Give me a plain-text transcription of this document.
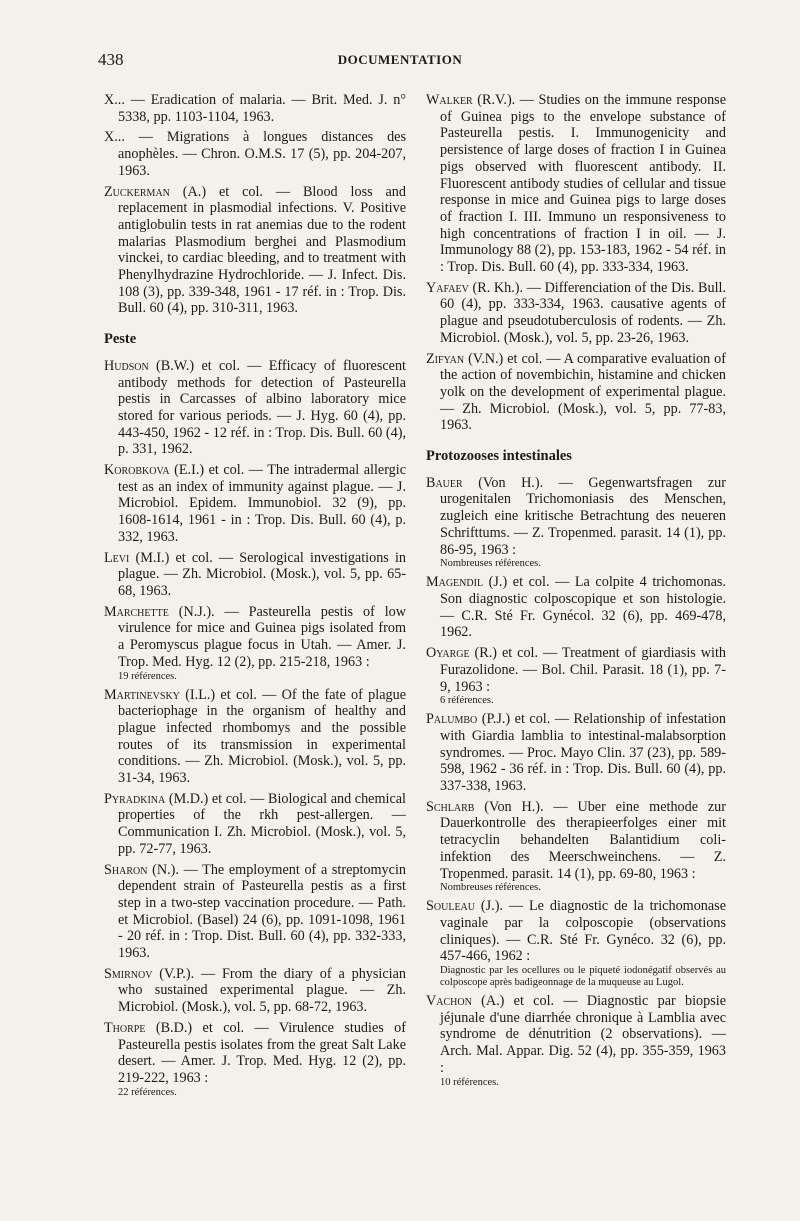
438	DOCUMENTATION

X... — Eradication of malaria. — Brit. Med. J. n° 5338, pp. 1103-1104, 1963.

X... — Migrations à longues distances des anophèles. — Chron. O.M.S. 17 (5), pp. 204-207, 1963.

Zuckerman (A.) et col. — Blood loss and replacement in plasmodial infections. V. Positive antiglobulin tests in rat anemias due to the rodent malarias Plasmodium berghei and Plasmodium vinckei, to cardiac bleeding, and to treatment with Phenylhydrazine Hydrochloride. — J. Infect. Dis. 108 (3), pp. 339-348, 1961 - 17 réf. in : Trop. Dis. Bull. 60 (4), pp. 310-311, 1963.

Peste

Hudson (B.W.) et col. — Efficacy of fluorescent antibody methods for detection of Pasteurella pestis in Carcasses of albino laboratory mice stored for various periods. — J. Hyg. 60 (4), pp. 443-450, 1962 - 12 réf. in : Trop. Dis. Bull. 60 (4), p. 331, 1962.

Korobkova (E.I.) et col. — The intradermal allergic test as an index of immunity against plague. — J. Microbiol. Epidem. Immunobiol. 32 (9), pp. 1608-1614, 1961 - in : Trop. Dis. Bull. 60 (4), p. 332, 1963.

Levi (M.I.) et col. — Serological investigations in plague. — Zh. Microbiol. (Mosk.), vol. 5, pp. 65-68, 1963.

Marchette (N.J.). — Pasteurella pestis of low virulence for mice and Guinea pigs isolated from a Peromyscus plague focus in Utah. — Amer. J. Trop. Med. Hyg. 12 (2), pp. 215-218, 1963 :
19 références.

Martinevsky (I.L.) et col. — Of the fate of plague bacteriophage in the organism of healthy and plague infected rhombomys and the possible routes of its transmission in experimental conditions. — Zh. Microbiol. (Mosk.), vol. 5, pp. 31-34, 1963.

Pyradkina (M.D.) et col. — Biological and chemical properties of the rkh pest-allergen. — Communication I. Zh. Microbiol. (Mosk.), vol. 5, pp. 72-77, 1963.

Sharon (N.). — The employment of a streptomycin dependent strain of Pasteurella pestis as a first step in a two-step vaccination procedure. — Path. et Microbiol. (Basel) 24 (6), pp. 1091-1098, 1961 - 20 réf. in : Trop. Dist. Bull. 60 (4), pp. 332-333, 1963.

Smirnov (V.P.). — From the diary of a physician who sustained experimental plague. — Zh. Microbiol. (Mosk.), vol. 5, pp. 68-72, 1963.

Thorpe (B.D.) et col. — Virulence studies of Pasteurella pestis isolates from the great Salt Lake desert. — Amer. J. Trop. Med. Hyg. 12 (2), pp. 219-222, 1963 :
22 références.

Walker (R.V.). — Studies on the immune response of Guinea pigs to the envelope substance of Pasteurella pestis. I. Immunogenicity and persistence of large doses of fraction I in Guinea pigs observed with fluorescent antibody. II. Fluorescent antibody studies of cellular and tissue response in mice and Guinea pigs to large doses of fraction I. III. Immuno un responsiveness to high concentrations of fraction I in oil. — J. Immunology 88 (2), pp. 153-183, 1962 - 54 réf. in : Trop. Dis. Bull. 60 (4), pp. 333-334, 1963.

Yafaev (R. Kh.). — Differenciation of the Dis. Bull. 60 (4), pp. 333-334, 1963. causative agents of plague and pseudotuberculosis of rodents. — Zh. Microbiol. (Mosk.), vol. 5, pp. 23-26, 1963.

Zifyan (V.N.) et col. — A comparative evaluation of the action of novembichin, histamine and chicken yolk on the development of experimental plague. — Zh. Microbiol. (Mosk.), vol. 5, pp. 77-83, 1963.

Protozooses intestinales

Bauer (Von H.). — Gegenwartsfragen zur urogenitalen Trichomoniasis des Menschen, zugleich eine kritische Betrachtung des neueren Schrifttums. — Z. Tropenmed. parasit. 14 (1), pp. 86-95, 1963 :
Nombreuses références.

Magendil (J.) et col. — La colpite 4 trichomonas. Son diagnostic colposcopique et son histologie. — C.R. Sté Fr. Gynécol. 32 (6), pp. 469-478, 1962.

Oyarge (R.) et col. — Treatment of giardiasis with Furazolidone. — Bol. Chil. Parasit. 18 (1), pp. 7-9, 1963 :
6 références.

Palumbo (P.J.) et col. — Relationship of infestation with Giardia lamblia to intestinal-malabsorption syndromes. — Proc. Mayo Clin. 37 (23), pp. 589-598, 1962 - 36 réf. in : Trop. Dis. Bull. 60 (4), pp. 337-338, 1963.

Schlarb (Von H.). — Uber eine methode zur Dauerkontrolle des therapieerfolges einer mit tetracyclin behandelten Balantidium coli-infektion des Meerschweinchens. — Z. Tropenmed. parasit. 14 (1), pp. 69-80, 1963 :
Nombreuses références.

Souleau (J.). — Le diagnostic de la trichomonase vaginale par la colposcopie (observations cliniques). — C.R. Sté Fr. Gynéco. 32 (6), pp. 457-466, 1962 :
Diagnostic par les ocellures ou le piqueté iodonégatif observés au colposcope après badigeonnage de la muqueuse au Lugol.

Vachon (A.) et col. — Diagnostic par biopsie jéjunale d'une diarrhée chronique à Lamblia avec syndrome de dénutrition (2 observations). — Arch. Mal. Appar. Dig. 52 (4), pp. 355-359, 1963 :
10 références.
